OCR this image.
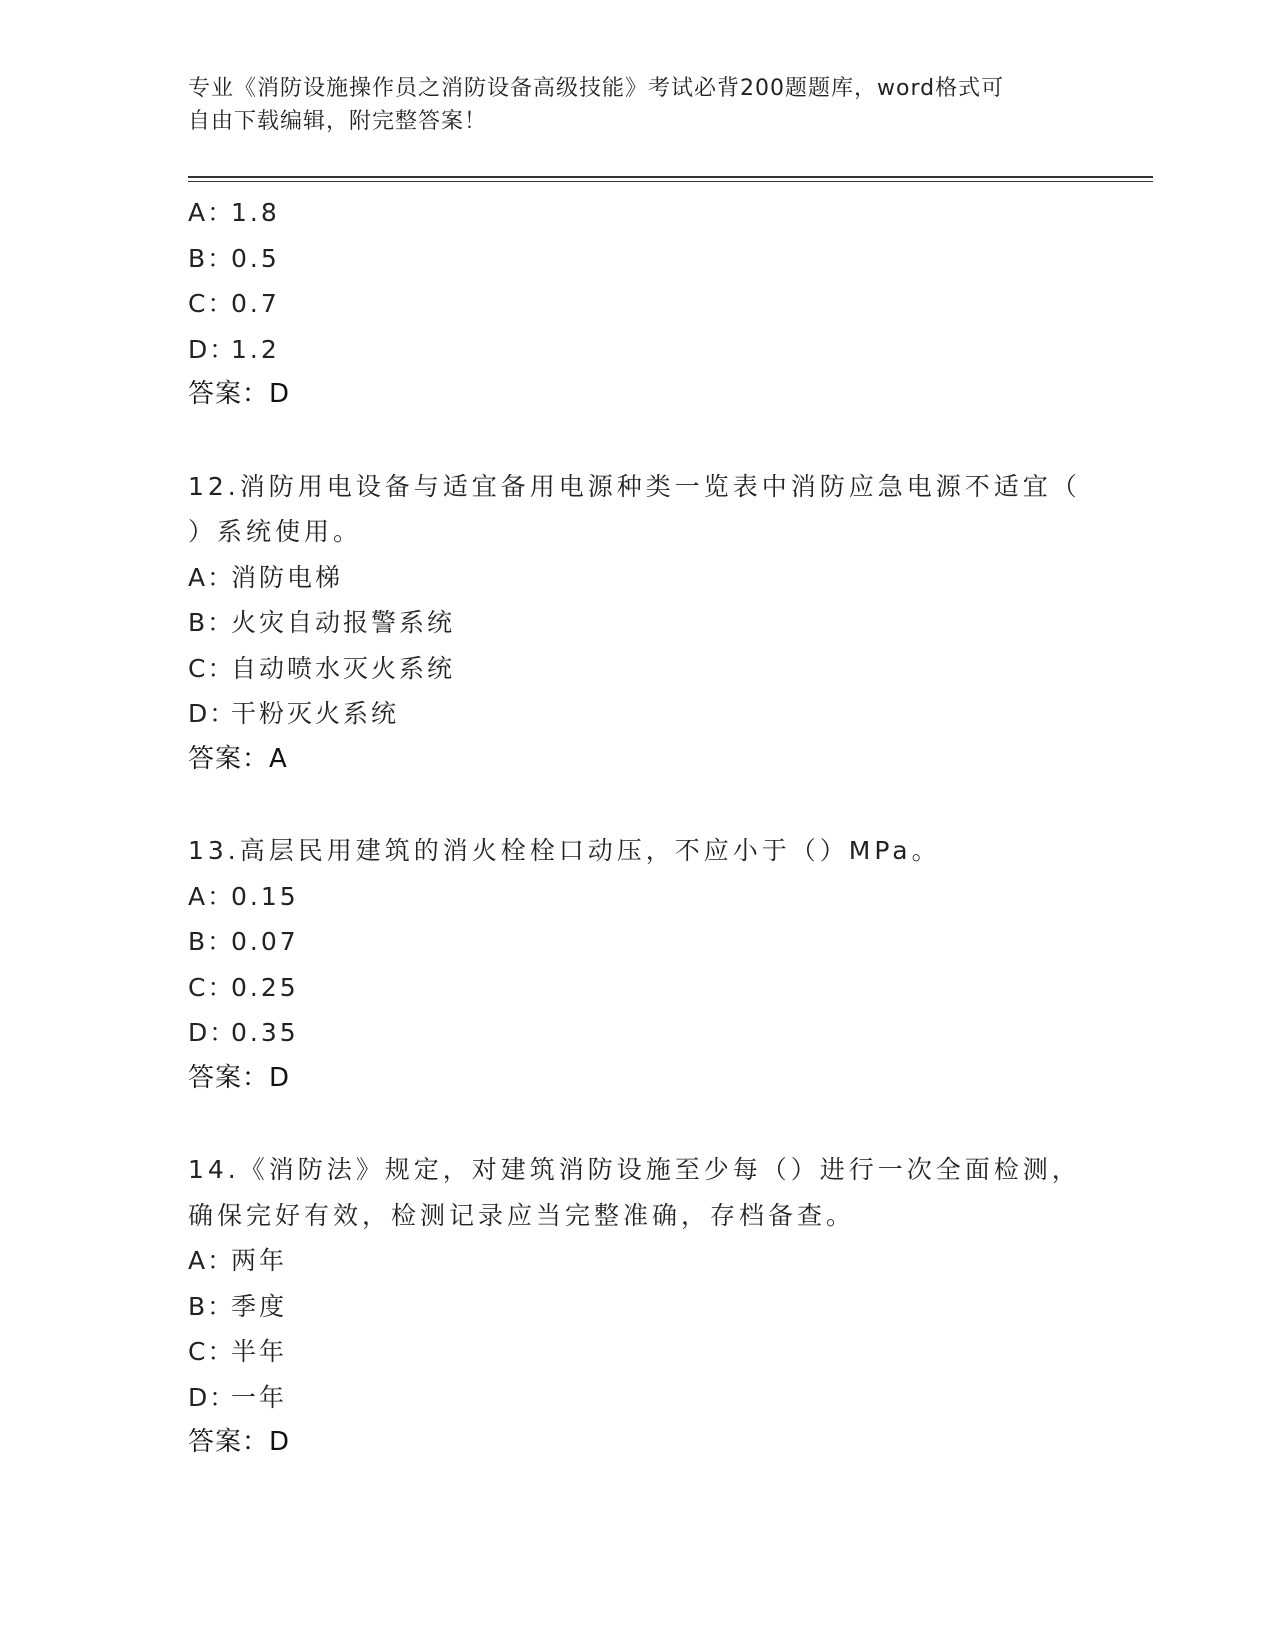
专业《消防设施操作员之消防设备高级技能》考试必背200题题库，word格式可
自由下载编辑，附完整答案！
A：1.8
B：0.5
C：0.7
D：1.2
答案：D
12.消防用电设备与适宜备用电源种类一览表中消防应急电源不适宜（
）系统使用。
A：消防电梯
B：火灾自动报警系统
C：自动喷水灭火系统
D：干粉灭火系统
答案：A
13.高层民用建筑的消火栓栓口动压，不应小于（）MPa。
A：0.15
B：0.07
C：0.25
D：0.35
答案：D
14.《消防法》规定，对建筑消防设施至少每（）进行一次全面检测，
确保完好有效，检测记录应当完整准确，存档备查。
A：两年
B：季度
C：半年
D：一年
答案：D
